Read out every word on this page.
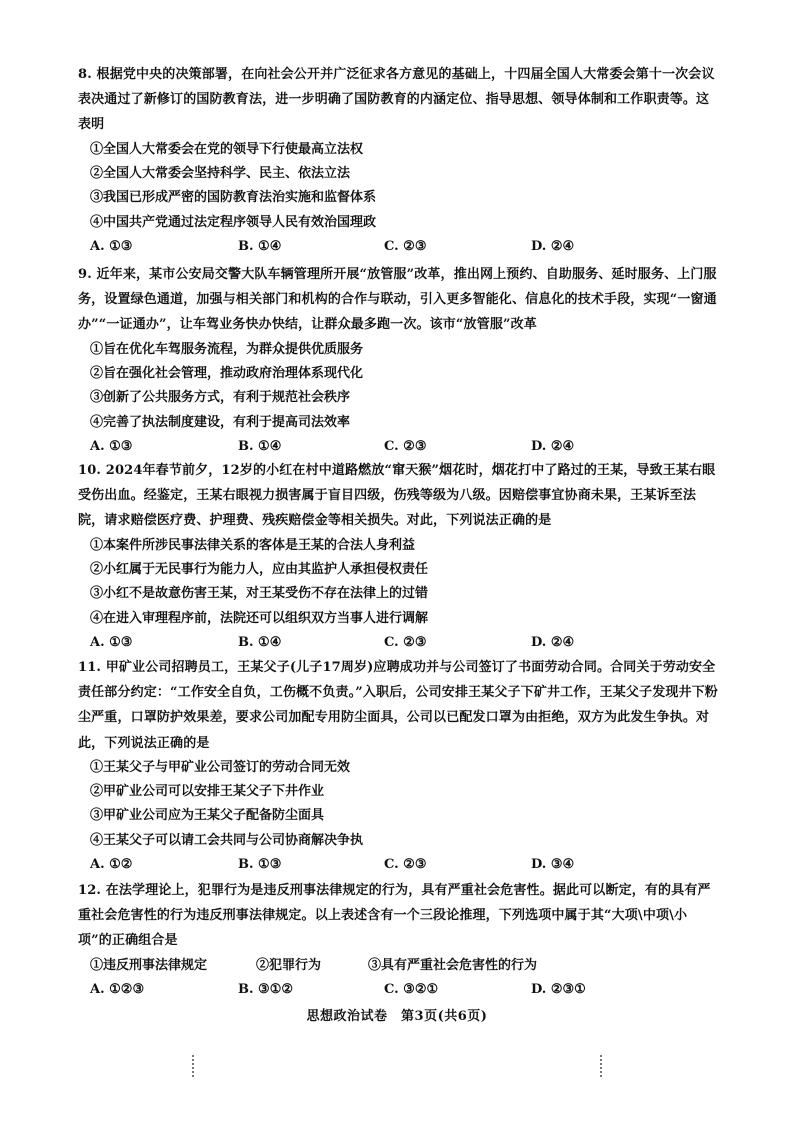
8. 根据党中央的决策部署，在向社会公开并广泛征求各方意见的基础上，十四届全国人大常委会第十一次会议表决通过了新修订的国防教育法，进一步明确了国防教育的内涵定位、指导思想、领导体制和工作职责等。这表明
①全国人大常委会在党的领导下行使最高立法权
②全国人大常委会坚持科学、民主、依法立法
③我国已形成严密的国防教育法治实施和监督体系
④中国共产党通过法定程序领导人民有效治国理政
A. ①③	B. ①④	C. ②③	D. ②④
9. 近年来，某市公安局交警大队车辆管理所开展“放管服”改革，推出网上预约、自助服务、延时服务、上门服务，设置绿色通道，加强与相关部门和机构的合作与联动，引入更多智能化、信息化的技术手段，实现“一窗通办”“一证通办”，让车驾业务快办快结，让群众最多跑一次。该市“放管服”改革
①旨在优化车驾服务流程，为群众提供优质服务
②旨在强化社会管理，推动政府治理体系现代化
③创新了公共服务方式，有利于规范社会秩序
④完善了执法制度建设，有利于提高司法效率
A. ①③	B. ①④	C. ②③	D. ②④
10. 2024年春节前夕，12岁的小红在村中道路燃放“窜天猴”烟花时，烟花打中了路过的王某，导致王某右眼受伤出血。经鉴定，王某右眼视力损害属于盲目四级，伤残等级为八级。因赔偿事宜协商未果，王某诉至法院，请求赔偿医疗费、护理费、残疾赔偿金等相关损失。对此，下列说法正确的是
①本案件所涉民事法律关系的客体是王某的合法人身利益
②小红属于无民事行为能力人，应由其监护人承担侵权责任
③小红不是故意伤害王某，对王某受伤不存在法律上的过错
④在进入审理程序前，法院还可以组织双方当事人进行调解
A. ①③	B. ①④	C. ②③	D. ②④
11. 甲矿业公司招聘员工，王某父子(儿子17周岁)应聘成功并与公司签订了书面劳动合同。合同关于劳动安全责任部分约定：“工作安全自负，工伤概不负责。”入职后，公司安排王某父子下矿井工作，王某父子发现井下粉尘严重，口罩防护效果差，要求公司加配专用防尘面具，公司以已配发口罩为由拒绝，双方为此发生争执。对此，下列说法正确的是
①王某父子与甲矿业公司签订的劳动合同无效
②甲矿业公司可以安排王某父子下井作业
③甲矿业公司应为王某父子配备防尘面具
④王某父子可以请工会共同与公司协商解决争执
A. ①②	B. ①③	C. ②③	D. ③④
12. 在法学理论上，犯罪行为是违反刑事法律规定的行为，具有严重社会危害性。据此可以断定，有的具有严重社会危害性的行为违反刑事法律规定。以上表述含有一个三段论推理，下列选项中属于其“大项\中项\小项”的正确组合是
①违反刑事法律规定	②犯罪行为	③具有严重社会危害性的行为
A. ①②③	B. ③①②	C. ③②①	D. ②③①
思想政治试卷　第3页(共6页)
